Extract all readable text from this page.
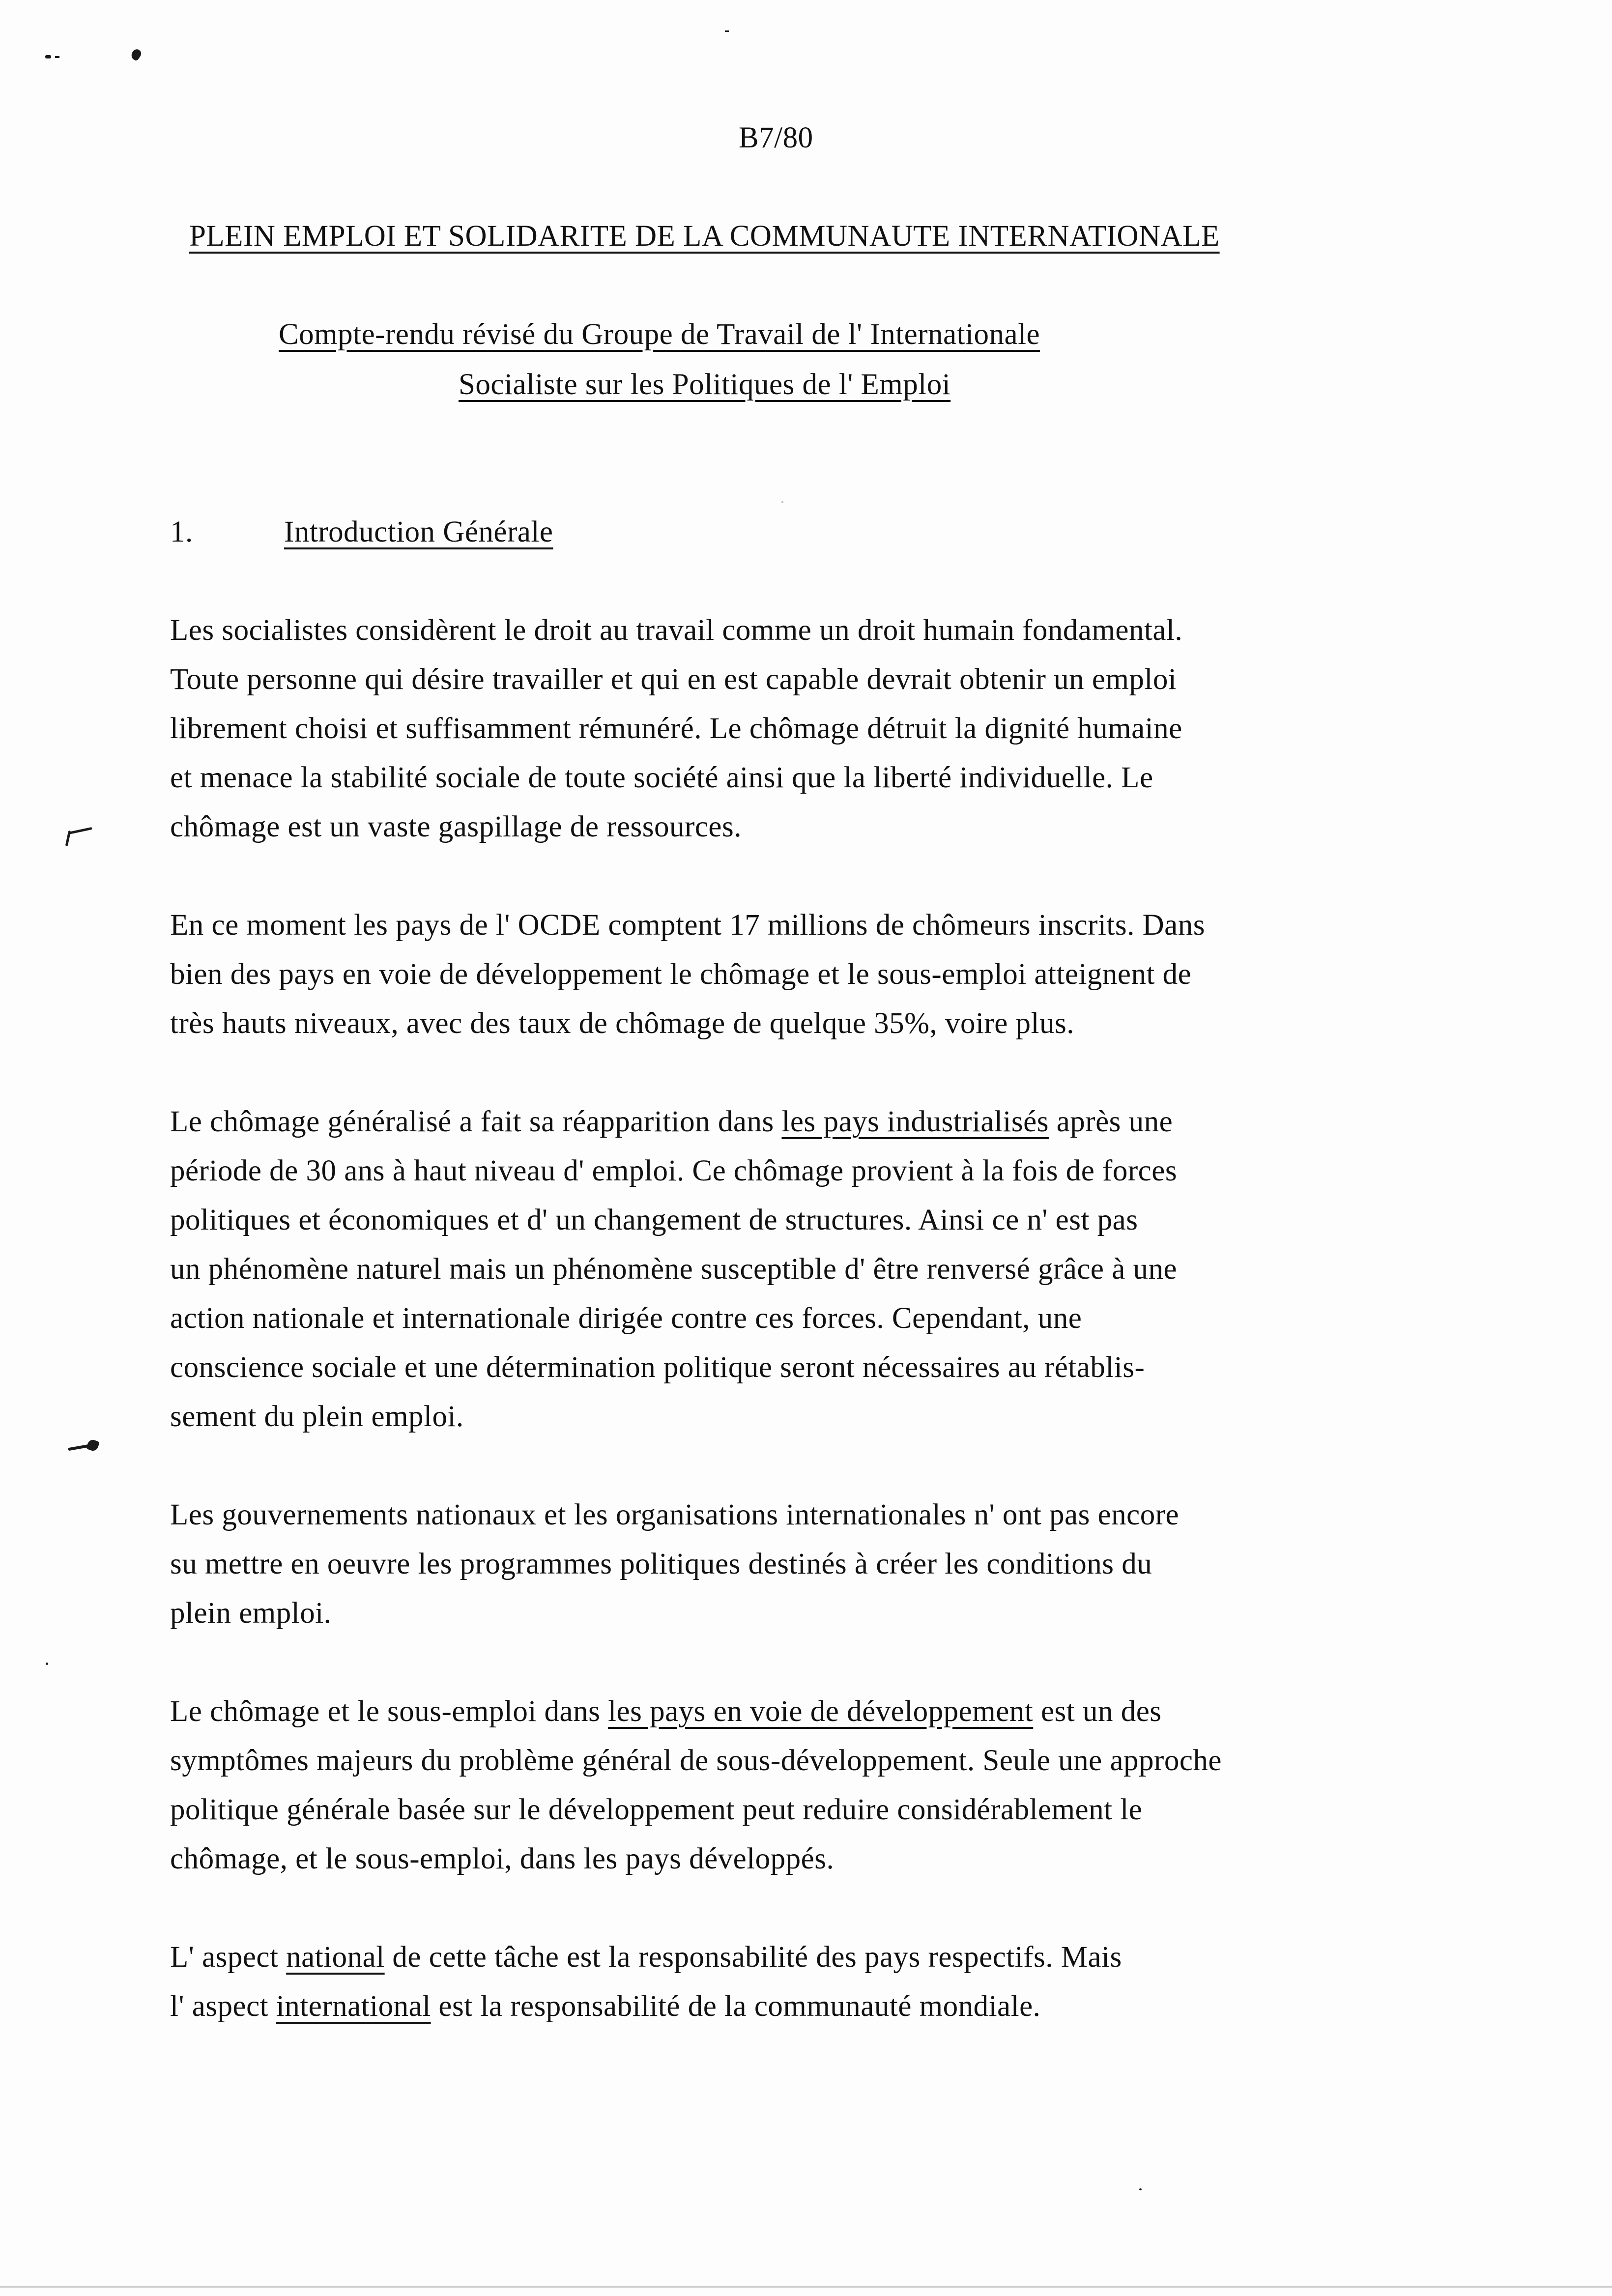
B7/80
PLEIN EMPLOI ET SOLIDARITE DE LA COMMUNAUTE INTERNATIONALE
Compte-rendu révisé du Groupe de Travail de l' Internationale
Socialiste sur les Politiques de l' Emploi
1.	Introduction Générale
Les socialistes considèrent le droit au travail comme un droit humain fondamental.
Toute personne qui désire travailler et qui en est capable devrait obtenir un emploi
librement choisi et suffisamment rémunéré. Le chômage détruit la dignité humaine
et menace la stabilité sociale de toute société ainsi que la liberté individuelle. Le
chômage est un vaste gaspillage de ressources.
En ce moment les pays de l' OCDE comptent 17 millions de chômeurs inscrits. Dans
bien des pays en voie de développement le chômage et le sous-emploi atteignent de
très hauts niveaux, avec des taux de chômage de quelque 35%, voire plus.
Le chômage généralisé a fait sa réapparition dans les pays industrialisés après une
période de 30 ans à haut niveau d' emploi. Ce chômage provient à la fois de forces
politiques et économiques et d' un changement de structures. Ainsi ce n' est pas
un phénomène naturel mais un phénomène susceptible d' être renversé grâce à une
action nationale et internationale dirigée contre ces forces. Cependant, une
conscience sociale et une détermination politique seront nécessaires au rétablis-
sement du plein emploi.
Les gouvernements nationaux et les organisations internationales n' ont pas encore
su mettre en oeuvre les programmes politiques destinés à créer les conditions du
plein emploi.
Le chômage et le sous-emploi dans les pays en voie de développement est un des
symptômes majeurs du problème général de sous-développement. Seule une approche
politique générale basée sur le développement peut reduire considérablement le
chômage, et le sous-emploi, dans les pays développés.
L' aspect national de cette tâche est la responsabilité des pays respectifs. Mais
l' aspect international est la responsabilité de la communauté mondiale.
